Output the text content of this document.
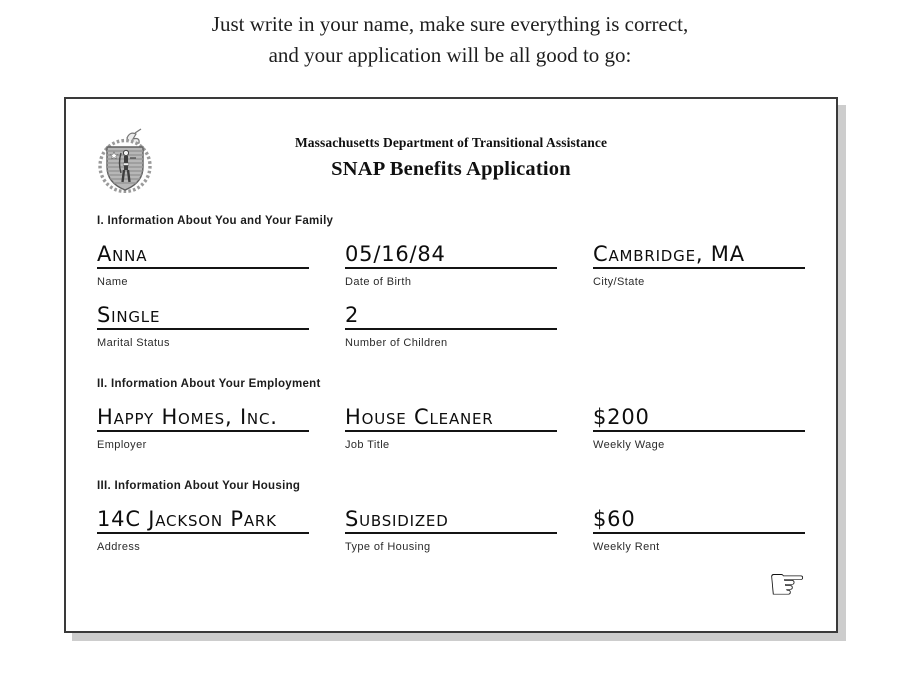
Just write in your name, make sure everything is correct,
and your application will be all good to go:
Massachusetts Department of Transitional Assistance
SNAP Benefits Application
I. Information About You and Your Family
Anna
Name
05/16/84
Date of Birth
Cambridge, MA
City/State
Single
Marital Status
2
Number of Children
II. Information About Your Employment
Happy Homes, Inc.
Employer
House Cleaner
Job Title
$200
Weekly Wage
III. Information About Your Housing
14C Jackson Park
Address
Subsidized
Type of Housing
$60
Weekly Rent
☞
